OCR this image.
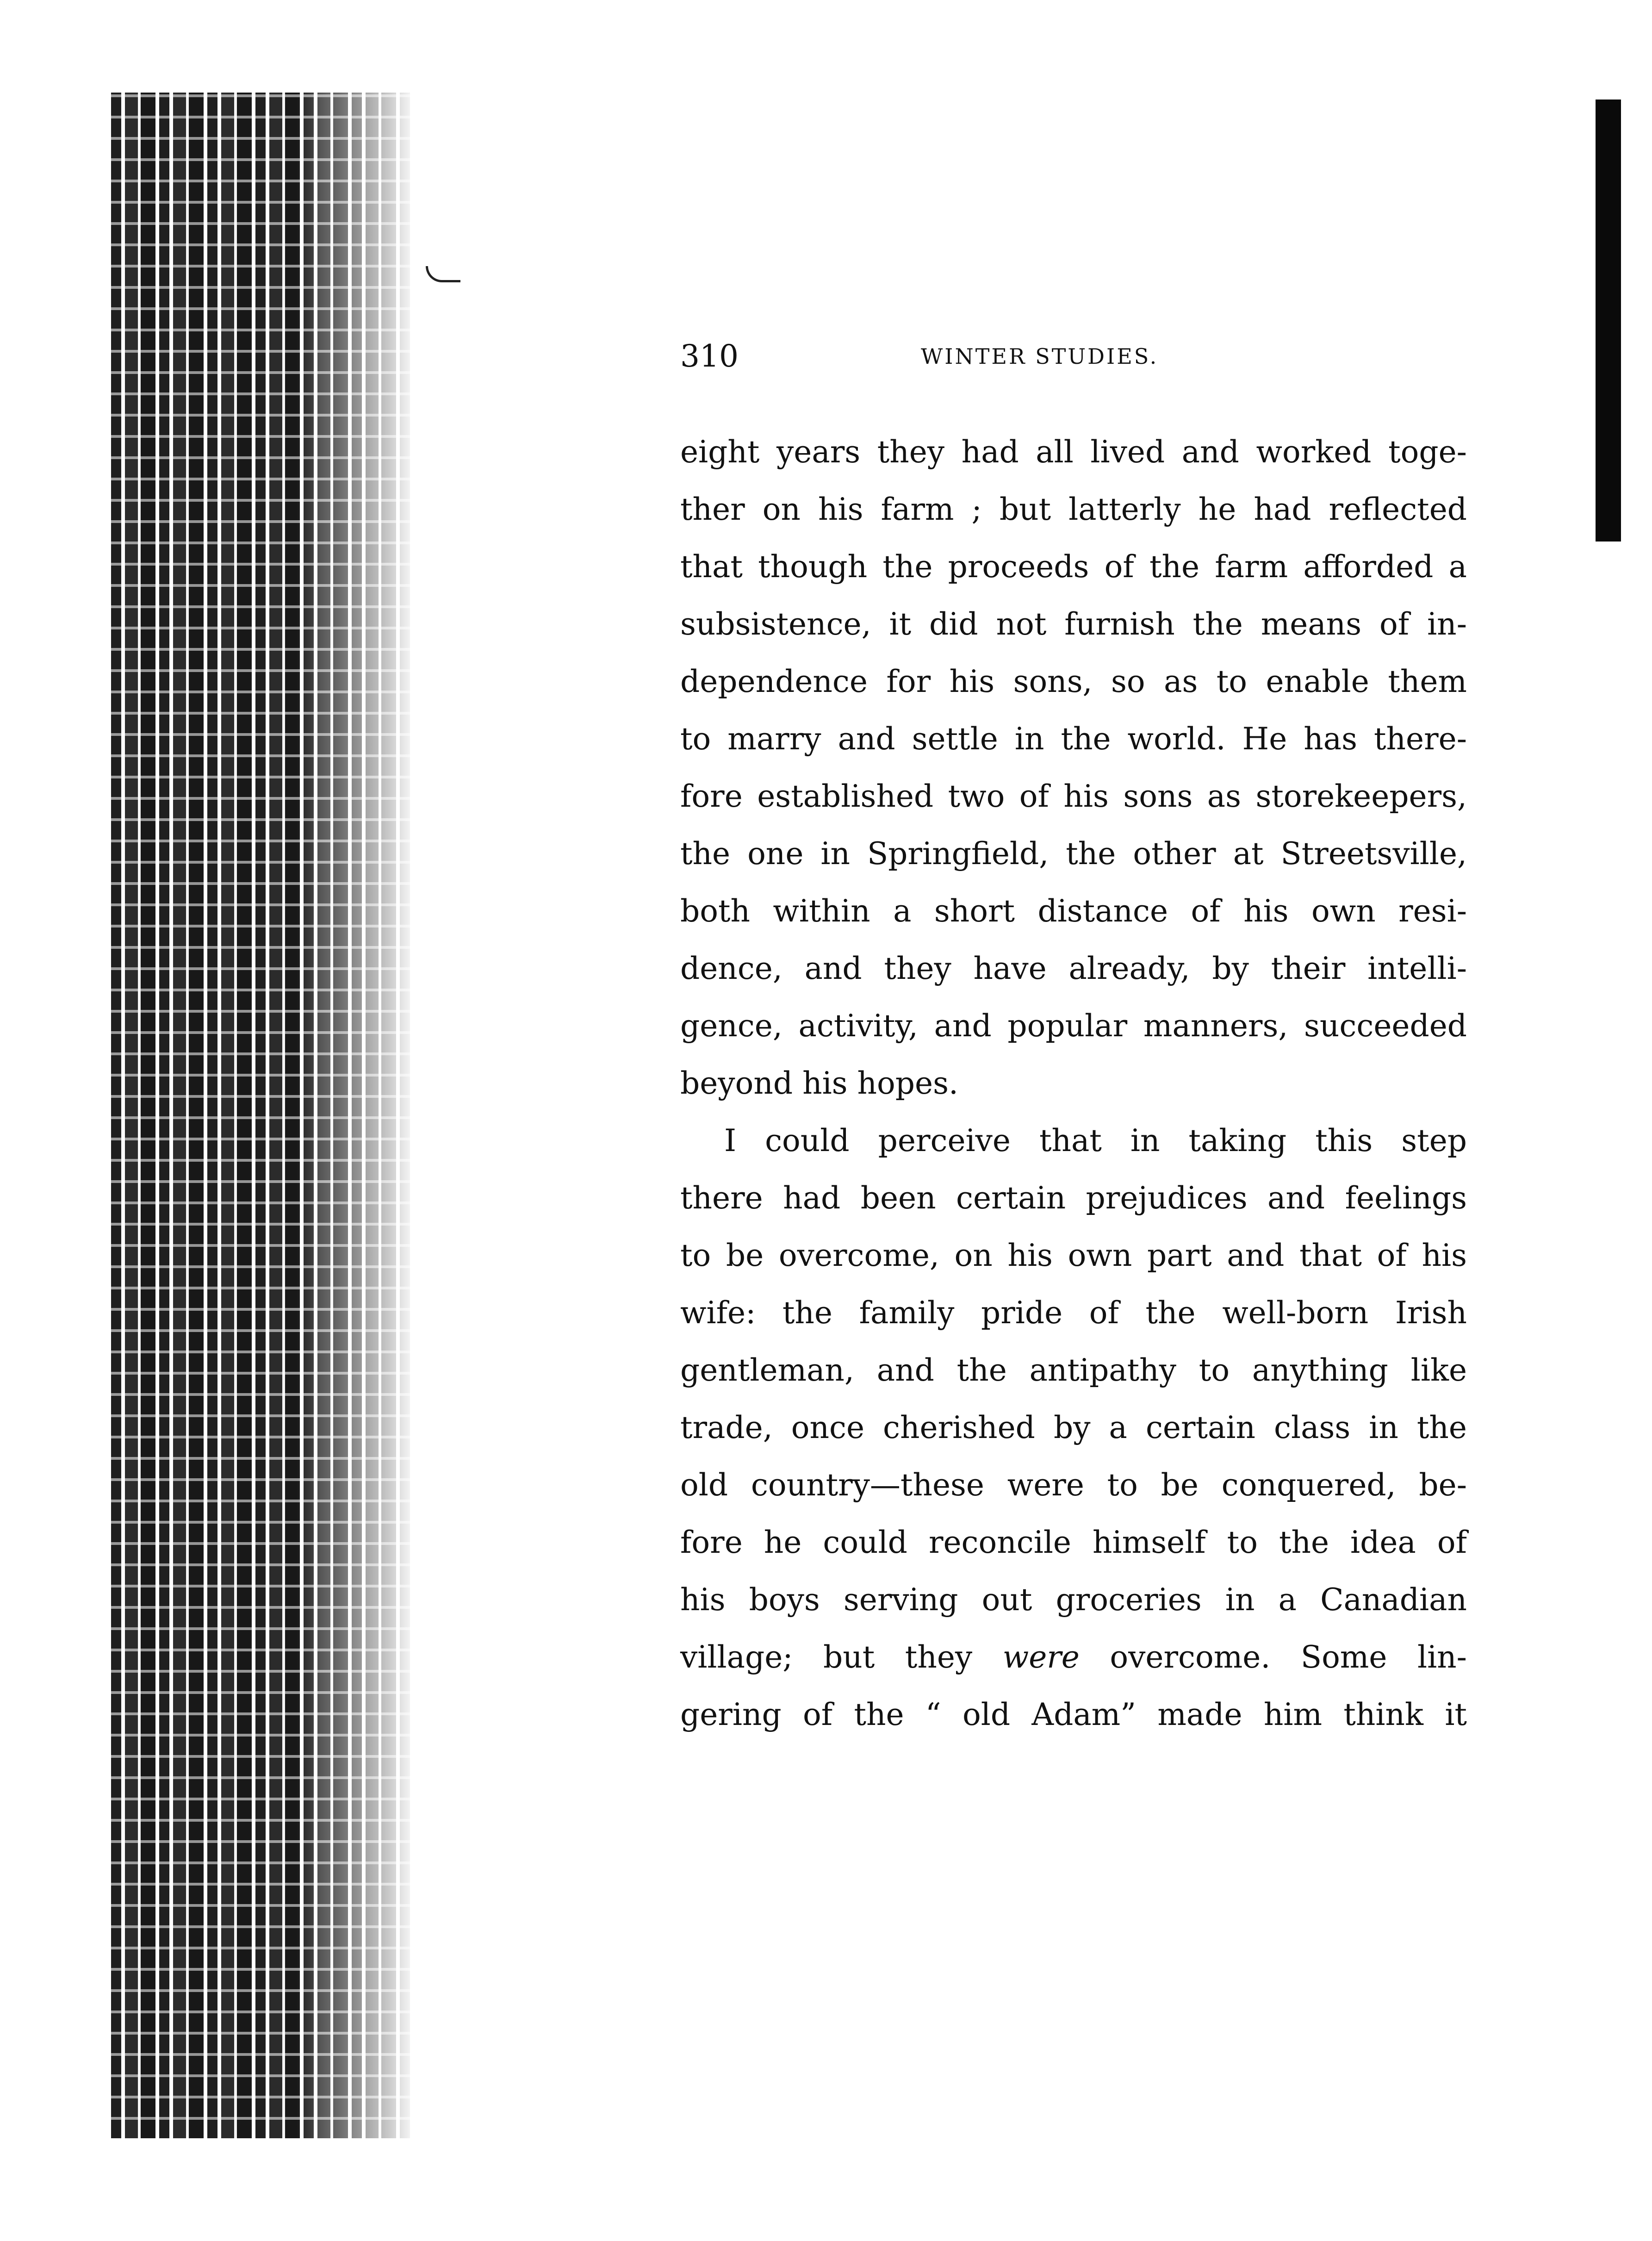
310	WINTER STUDIES.
eight years they had all lived and worked toge-
ther on his farm ; but latterly he had reflected
that though the proceeds of the farm afforded a
subsistence, it did not furnish the means of in-
dependence for his sons, so as to enable them
to marry and settle in the world. He has there-
fore established two of his sons as storekeepers,
the one in Springfield, the other at Streetsville,
both within a short distance of his own resi-
dence, and they have already, by their intelli-
gence, activity, and popular manners, succeeded
beyond his hopes.
I could perceive that in taking this step
there had been certain prejudices and feelings
to be overcome, on his own part and that of his
wife: the family pride of the well-born Irish
gentleman, and the antipathy to anything like
trade, once cherished by a certain class in the
old country—these were to be conquered, be-
fore he could reconcile himself to the idea of
his boys serving out groceries in a Canadian
village; but they were overcome. Some lin-
gering of the “ old Adam” made him think it
